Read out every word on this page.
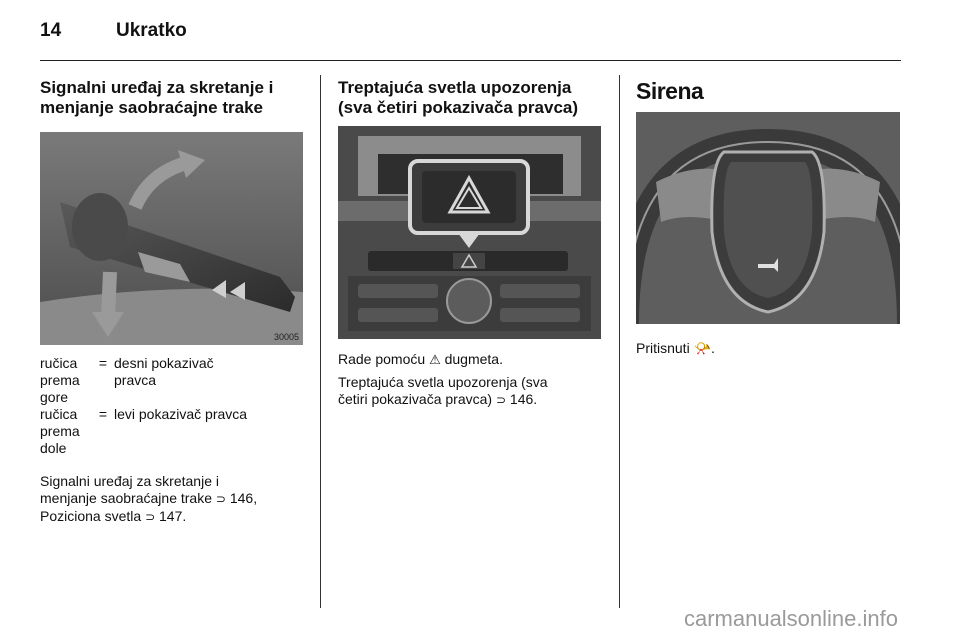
14	Ukratko
Signalni uređaj za skretanje i
menjanje saobraćajne trake
30005
ručica
prema
gore
= desni pokazivač
pravca
ručica
prema
dole
= levi pokazivač pravca

Signalni uređaj za skretanje i
menjanje saobraćajne trake ⊃ 146,
Poziciona svetla ⊃ 147.

Treptajuća svetla upozorenja
(sva četiri pokazivača pravca)

Rade pomoću ⚠ dugmeta.

Treptajuća svetla upozorenja (sva
četiri pokazivača pravca) ⊃ 146.

Sirena

Pritisnuti 📯.

carmanualsonline.info
